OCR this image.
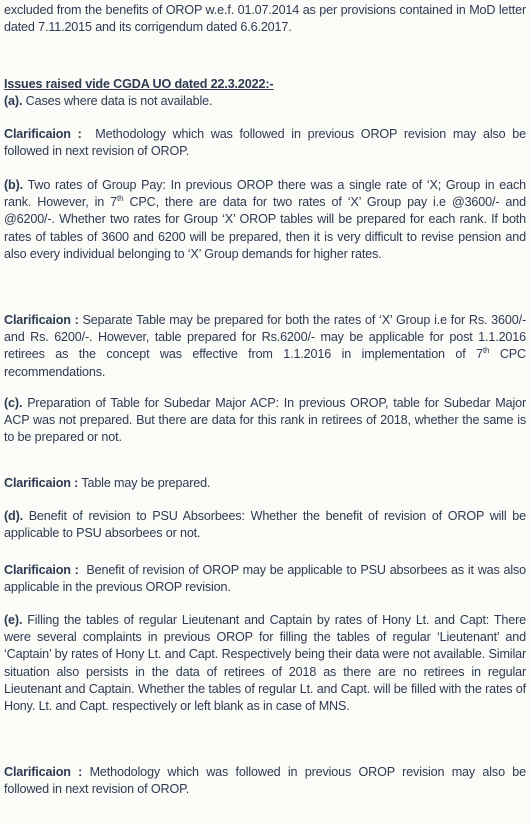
excluded from the benefits of OROP w.e.f. 01.07.2014 as per provisions contained in MoD letter dated 7.11.2015 and its corrigendum dated 6.6.2017.

Issues raised vide CGDA UO dated 22.3.2022:-
(a). Cases where data is not available.
Clarificaion : Methodology which was followed in previous OROP revision may also be followed in next revision of OROP.
(b). Two rates of Group Pay: In previous OROP there was a single rate of ‘X; Group in each rank. However, in 7th CPC, there are data for two rates of ‘X’ Group pay i.e @3600/- and @6200/-. Whether two rates for Group ‘X’ OROP tables will be prepared for each rank. If both rates of tables of 3600 and 6200 will be prepared, then it is very difficult to revise pension and also every individual belonging to ‘X’ Group demands for higher rates.
Clarificaion : Separate Table may be prepared for both the rates of ‘X’ Group i.e for Rs. 3600/- and Rs. 6200/-. However, table prepared for Rs.6200/- may be applicable for post 1.1.2016 retirees as the concept was effective from 1.1.2016 in implementation of 7th CPC recommendations.
(c). Preparation of Table for Subedar Major ACP: In previous OROP, table for Subedar Major ACP was not prepared. But there are data for this rank in retirees of 2018, whether the same is to be prepared or not.
Clarificaion : Table may be prepared.
(d). Benefit of revision to PSU Absorbees: Whether the benefit of revision of OROP will be applicable to PSU absorbees or not.
Clarificaion : Benefit of revision of OROP may be applicable to PSU absorbees as it was also applicable in the previous OROP revision.
(e). Filling the tables of regular Lieutenant and Captain by rates of Hony Lt. and Capt: There were several complaints in previous OROP for filling the tables of regular ‘Lieutenant’ and ‘Captain’ by rates of Hony Lt. and Capt. Respectively being their data were not available. Similar situation also persists in the data of retirees of 2018 as there are no retirees in regular Lieutenant and Captain. Whether the tables of regular Lt. and Capt. will be filled with the rates of Hony. Lt. and Capt. respectively or left blank as in case of MNS.
Clarificaion : Methodology which was followed in previous OROP revision may also be followed in next revision of OROP.
